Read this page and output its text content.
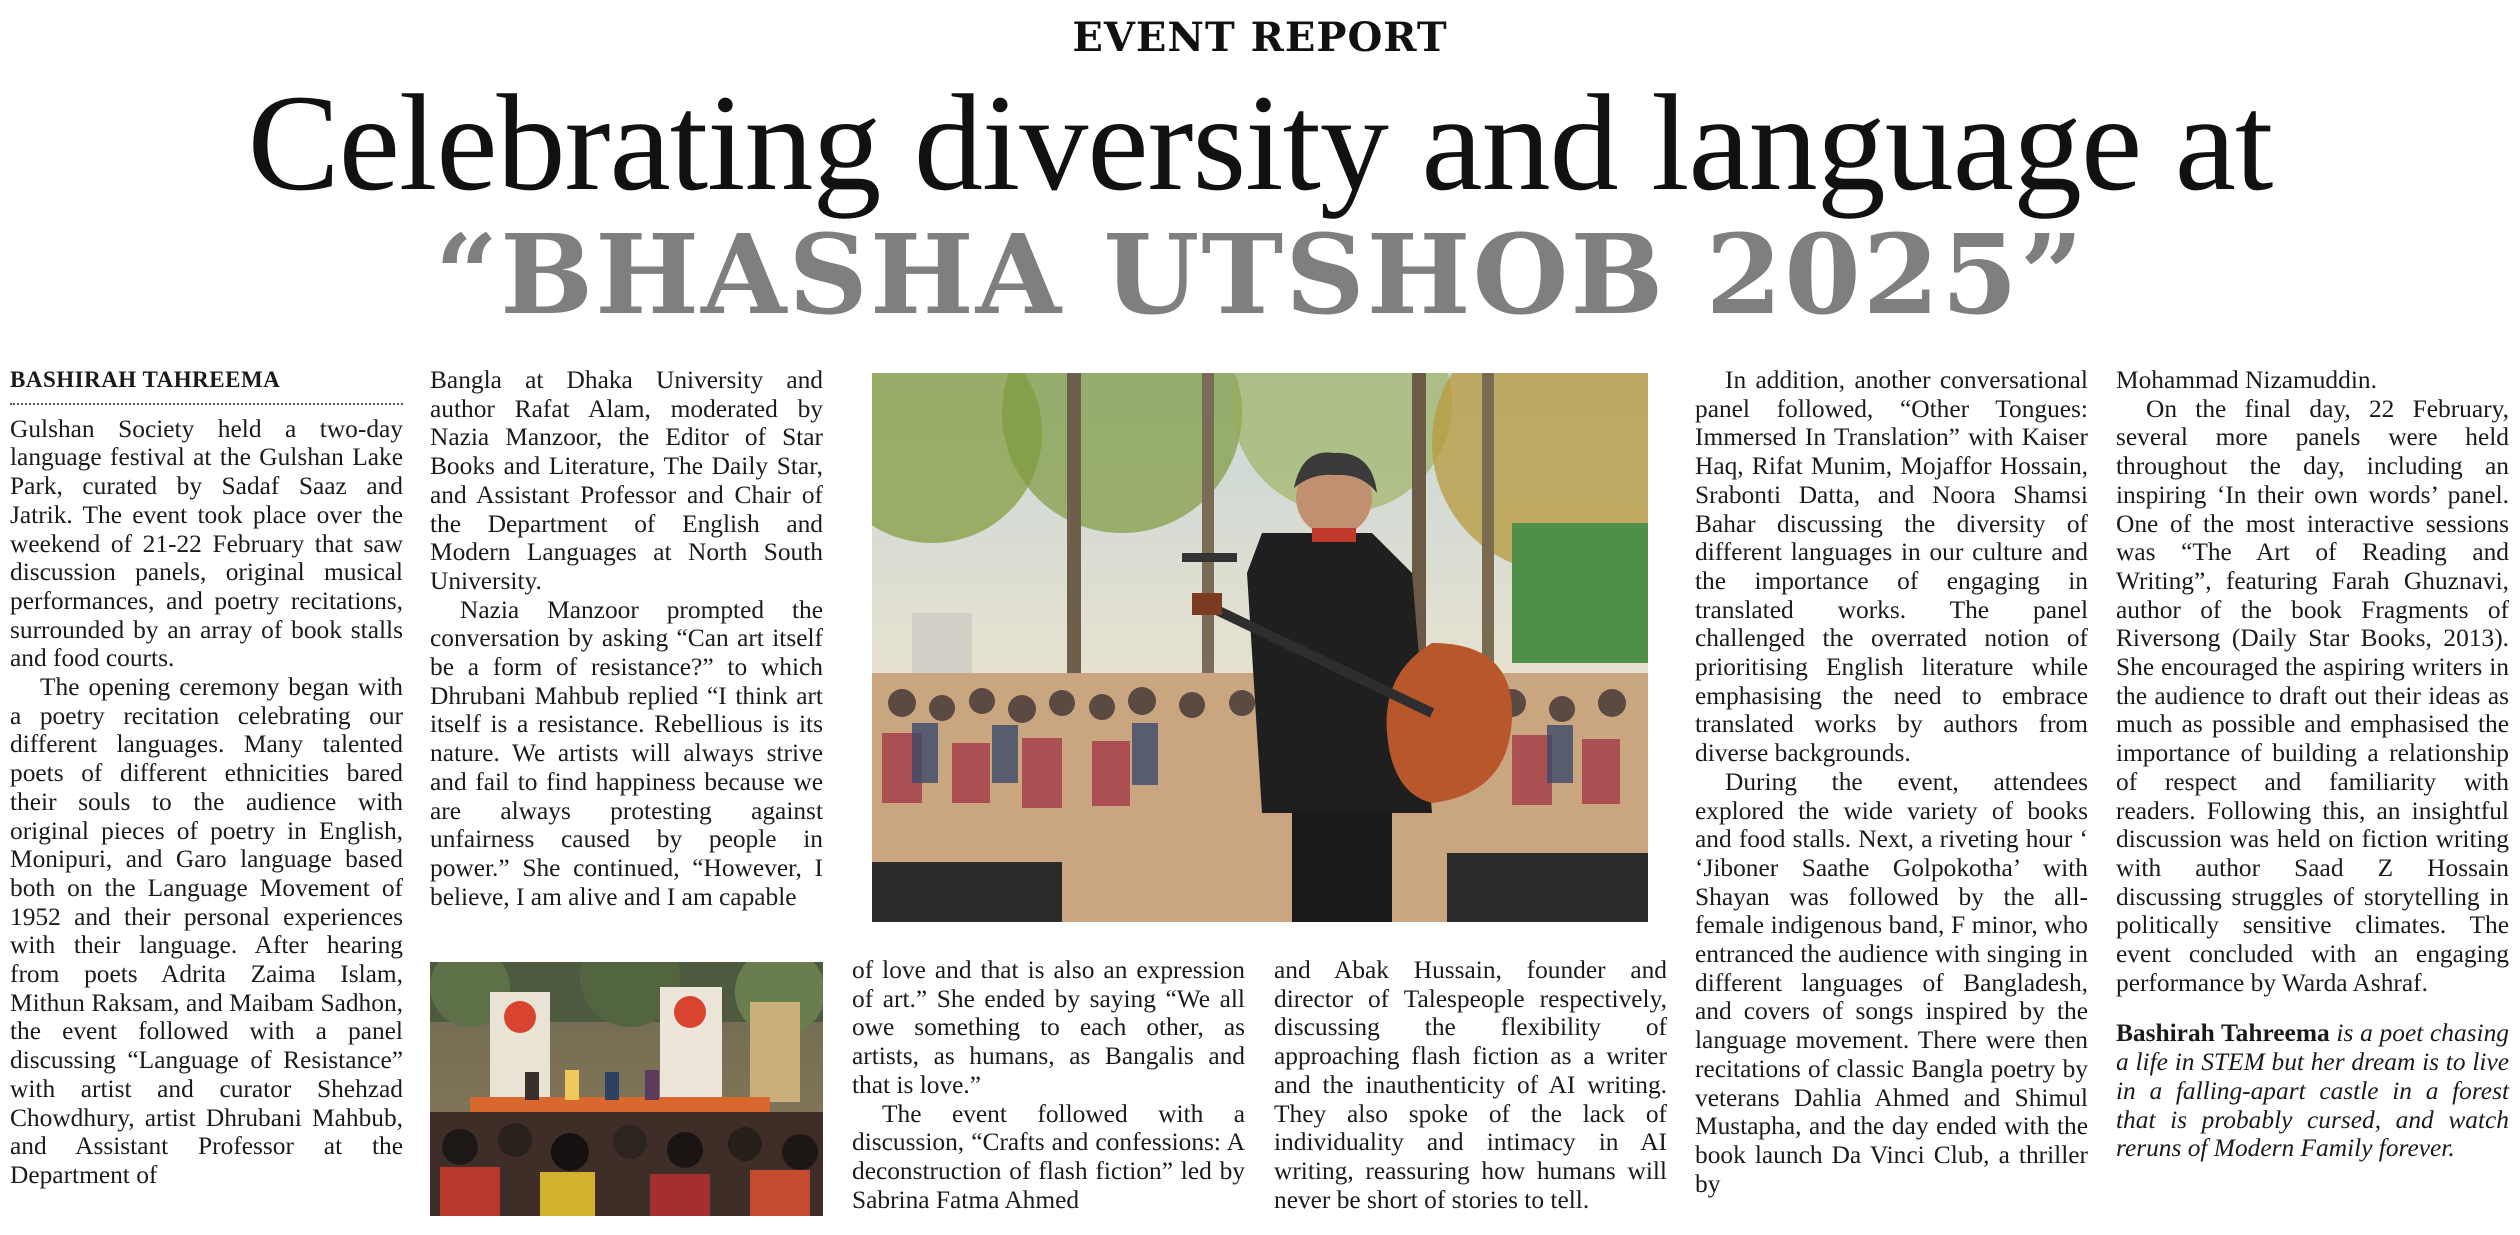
EVENT REPORT
Celebrating diversity and language at
“BHASHA UTSHOB 2025”
BASHIRAH TAHREEMA

Gulshan Society held a two-day language festival at the Gulshan Lake Park, curated by Sadaf Saaz and Jatrik. The event took place over the weekend of 21-22 February that saw discussion panels, original musical performances, and poetry recitations, surrounded by an array of book stalls and food courts.

The opening ceremony began with a poetry recitation celebrating our different languages. Many talented poets of different ethnicities bared their souls to the audience with original pieces of poetry in English, Monipuri, and Garo language based both on the Language Movement of 1952 and their personal experiences with their language. After hearing from poets Adrita Zaima Islam, Mithun Raksam, and Maibam Sadhon, the event followed with a panel discussing “Language of Resistance” with artist and curator Shehzad Chowdhury, artist Dhrubani Mahbub, and Assistant Professor at the Department of

Bangla at Dhaka University and author Rafat Alam, moderated by Nazia Manzoor, the Editor of Star Books and Literature, The Daily Star, and Assistant Professor and Chair of the Department of English and Modern Languages at North South University.

Nazia Manzoor prompted the conversation by asking “Can art itself be a form of resistance?” to which Dhrubani Mahbub replied “I think art itself is a resistance. Rebellious is its nature. We artists will always strive and fail to find happiness because we are always protesting against unfairness caused by people in power.” She continued, “However, I believe, I am alive and I am capable

of love and that is also an expression of art.” She ended by saying “We all owe something to each other, as artists, as humans, as Bangalis and that is love.”

The event followed with a discussion, “Crafts and confessions: A deconstruction of flash fiction” led by Sabrina Fatma Ahmed

and Abak Hussain, founder and director of Talespeople respectively, discussing the flexibility of approaching flash fiction as a writer and the inauthenticity of AI writing. They also spoke of the lack of individuality and intimacy in AI writing, reassuring how humans will never be short of stories to tell.

In addition, another conversational panel followed, “Other Tongues: Immersed In Translation” with Kaiser Haq, Rifat Munim, Mojaffor Hossain, Srabonti Datta, and Noora Shamsi Bahar discussing the diversity of different languages in our culture and the importance of engaging in translated works. The panel challenged the overrated notion of prioritising English literature while emphasising the need to embrace translated works by authors from diverse backgrounds.

During the event, attendees explored the wide variety of books and food stalls. Next, a riveting hour ‘ ‘Jiboner Saathe Golpokotha’ with Shayan was followed by the all-female indigenous band, F minor, who entranced the audience with singing in different languages of Bangladesh, and covers of songs inspired by the language movement. There were then recitations of classic Bangla poetry by veterans Dahlia Ahmed and Shimul Mustapha, and the day ended with the book launch Da Vinci Club, a thriller by

Mohammad Nizamuddin.

On the final day, 22 February, several more panels were held throughout the day, including an inspiring ‘In their own words’ panel. One of the most interactive sessions was “The Art of Reading and Writing”, featuring Farah Ghuznavi, author of the book Fragments of Riversong (Daily Star Books, 2013). She encouraged the aspiring writers in the audience to draft out their ideas as much as possible and emphasised the importance of building a relationship of respect and familiarity with readers. Following this, an insightful discussion was held on fiction writing with author Saad Z Hossain discussing struggles of storytelling in politically sensitive climates. The event concluded with an engaging performance by Warda Ashraf.

Bashirah Tahreema is a poet chasing a life in STEM but her dream is to live in a falling-apart castle in a forest that is probably cursed, and watch reruns of Modern Family forever.
